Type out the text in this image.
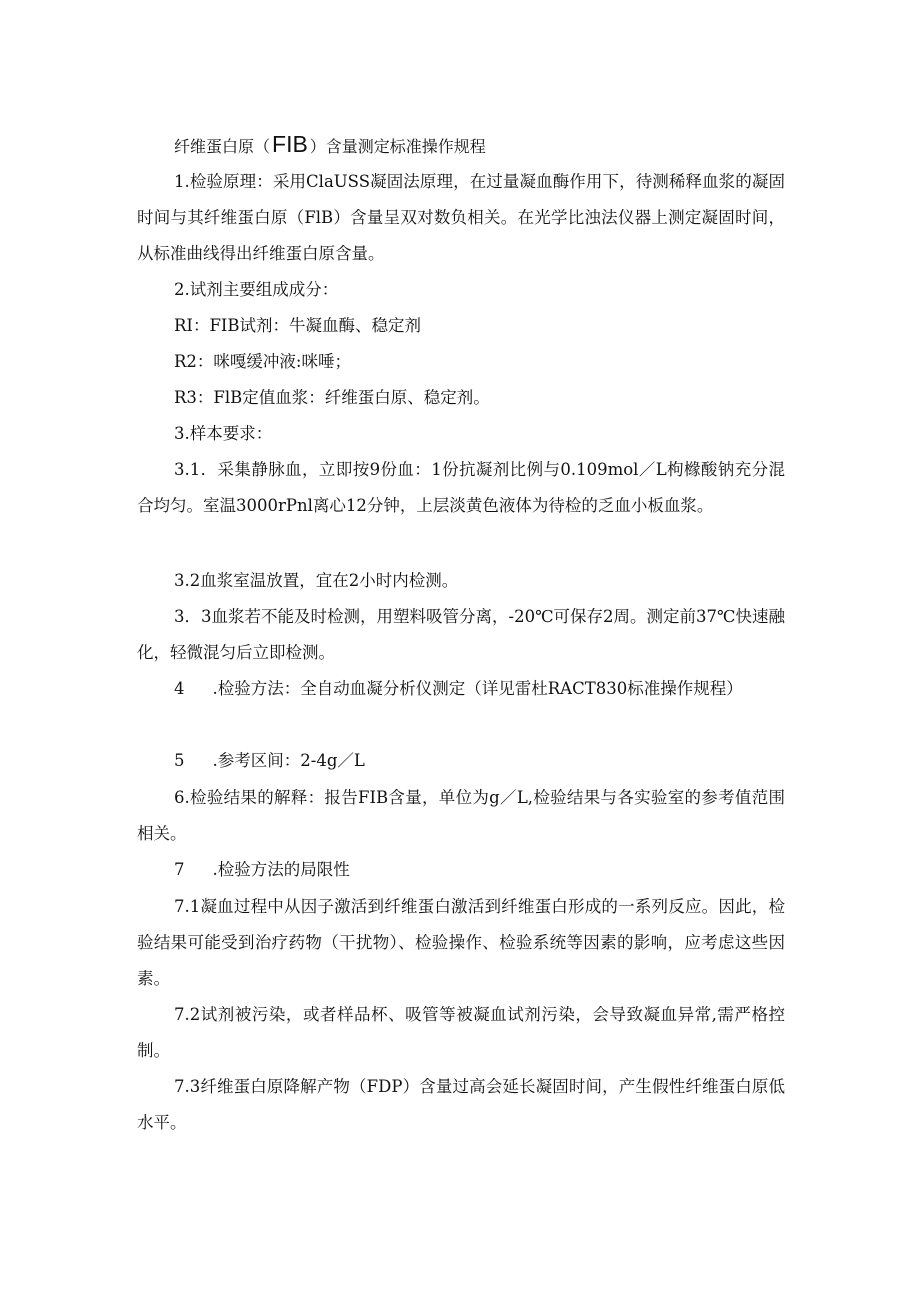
纤维蛋白原（FIB ）含量测定标准操作规程

1.检验原理：采用ClaUSS凝固法原理，在过量凝血酶作用下，待测稀释血浆的凝固时间与其纤维蛋白原（FlB）含量呈双对数负相关。在光学比浊法仪器上测定凝固时间，从标准曲线得出纤维蛋白原含量。

2.试剂主要组成成分：

RI：FIB试剂：牛凝血酶、稳定剂

R2：咪嘎缓冲液:咪唾；

R3：FlB定值血浆：纤维蛋白原、稳定剂。

3.样本要求：

3.1．采集静脉血，立即按9份血：1份抗凝剂比例与0.109mol／L枸橼酸钠充分混合均匀。室温3000rPnl离心12分钟，上层淡黄色液体为待检的乏血小板血浆。

3.2血浆室温放置，宜在2小时内检测。

3．3血浆若不能及时检测，用塑料吸管分离，-20℃可保存2周。测定前37℃快速融化，轻微混匀后立即检测。

4 .检验方法：全自动血凝分析仪测定（详见雷杜RACT830标准操作规程）

5 .参考区间：2-4g／L

6.检验结果的解释：报告FIB含量，单位为g／L,检验结果与各实验室的参考值范围相关。

7 .检验方法的局限性

7.1凝血过程中从因子激活到纤维蛋白激活到纤维蛋白形成的一系列反应。因此，检验结果可能受到治疗药物（干扰物）、检验操作、检验系统等因素的影响，应考虑这些因素。

7.2试剂被污染，或者样品杯、吸管等被凝血试剂污染，会导致凝血异常,需严格控制。

7.3纤维蛋白原降解产物（FDP）含量过高会延长凝固时间，产生假性纤维蛋白原低水平。
